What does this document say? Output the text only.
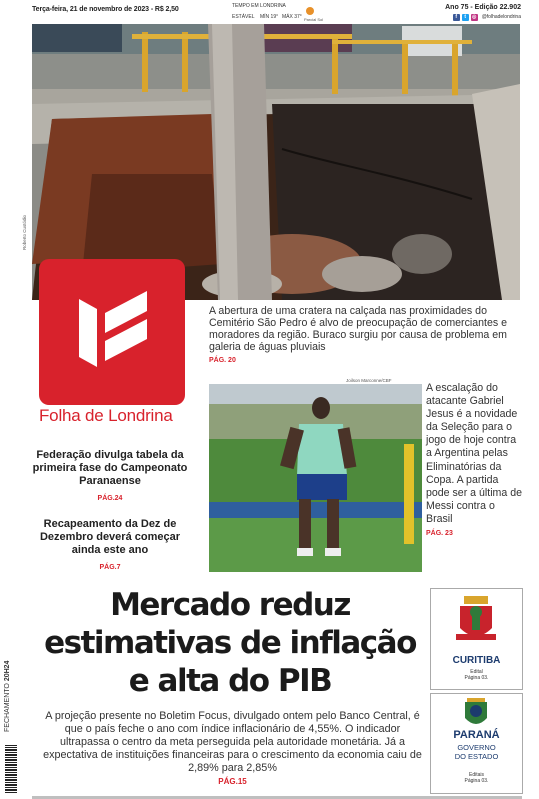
Terça-feira, 21 de novembro de 2023 - R$ 2,50	TEMPO EM LONDRINA
ESTÁVEL MÍN 19° MÁX 37° Parcial Sol
Ano 75 - Edição 22.902
f	t	◎ @folhadelondrina
Roberto Custódio
Folha de Londrina
A abertura de uma cratera na calçada nas proximidades do Cemitério São Pedro é alvo de preocupação de comerciantes e moradores da região. Buraco surgiu por causa de problema em galeria de águas pluviais
PÁG. 20
Federação divulga tabela da primeira fase do Campeonato Paranaense
PÁG.24
Recapeamento da Dez de Dezembro deverá começar ainda este ano
PÁG.7
Joilson Marconne/CBF
A escalação do atacante Gabriel Jesus é a novidade da Seleção para o jogo de hoje contra a Argentina pelas Eliminatórias da Copa. A partida pode ser a última de Messi contra o Brasil
PÁG. 23
Mercado reduz estimativas de inflação e alta do PIB
A projeção presente no Boletim Focus, divulgado ontem pelo Banco Central, é que o país feche o ano com índice inflacionário de 4,55%. O indicador ultrapassa o centro da meta perseguida pela autoridade monetária. Já a expectativa de instituições financeiras para o crescimento da economia caiu de 2,89% para 2,85%
PÁG.15
FECHAMENTO 20H24
CURITIBA
Edital
Página 03.
PARANÁ
GOVERNO
DO ESTADO
Editais
Página 03.
